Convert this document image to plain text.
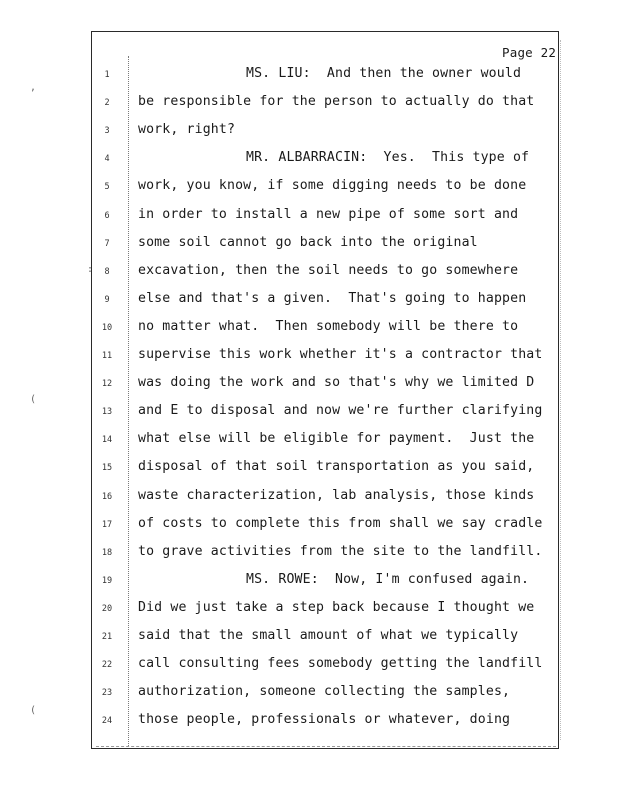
,
(
(
:
Page 22
1	MS. LIU:  And then the owner would
2	be responsible for the person to actually do that
3	work, right?
4	MR. ALBARRACIN:  Yes.  This type of
5	work, you know, if some digging needs to be done
6	in order to install a new pipe of some sort and
7	some soil cannot go back into the original
8	excavation, then the soil needs to go somewhere
9	else and that's a given.  That's going to happen
10	no matter what.  Then somebody will be there to
11	supervise this work whether it's a contractor that
12	was doing the work and so that's why we limited D
13	and E to disposal and now we're further clarifying
14	what else will be eligible for payment.  Just the
15	disposal of that soil transportation as you said,
16	waste characterization, lab analysis, those kinds
17	of costs to complete this from shall we say cradle
18	to grave activities from the site to the landfill.
19	MS. ROWE:  Now, I'm confused again.
20	Did we just take a step back because I thought we
21	said that the small amount of what we typically
22	call consulting fees somebody getting the landfill
23	authorization, someone collecting the samples,
24	those people, professionals or whatever, doing
